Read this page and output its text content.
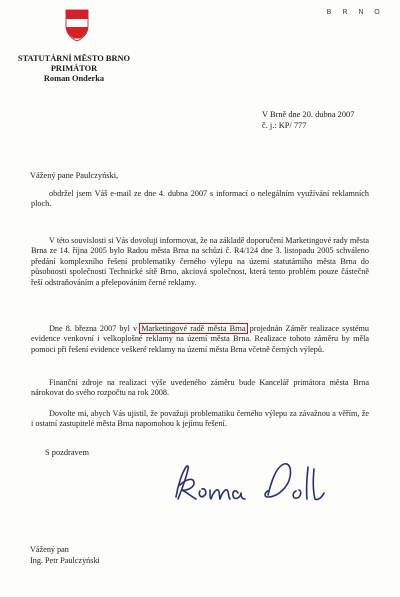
B	R	N	O
STATUTÁRNÍ MĚSTO BRNO
PRIMÁTOR
Roman Onderka
V Brně dne 20. dubna 2007
č. j.: KP/ 777
Vážený pane Paulczyński,

obdržel jsem Váš e-mail ze dne 4. dubna 2007 s informací o nelegálním využívání reklamních ploch.

V této souvislosti si Vás dovoluji informovat, že na základě doporučení Marketingové rady města Brna ze 14. října 2005 bylo Radou města Brna na schůzi č. R4/124 dne 3. listopadu 2005 schváleno předání komplexního řešení problematiky černého výlepu na území statutárního města Brna do působnosti společnosti Technické sítě Brno, akciová společnost, která tento problém pouze částečně řeší odstraňováním a přelepováním černé reklamy.

Dne 8. března 2007 byl v Marketingové radě města Brna projednán Záměr realizace systému evidence venkovní i velkoplošné reklamy na území města Brna. Realizace tohoto záměru by měla pomoci při řešení evidence veškeré reklamy na území města Brna včetně černých výlepů.

Finanční zdroje na realizaci výše uvedeného záměru bude Kancelář primátora města Brna nárokovat do svého rozpočtu na rok 2008.

Dovolte mi, abych Vás ujistil, že považuji problematiku černého výlepu za závažnou a věřím, že i ostatní zastupitelé města Brna napomohou k jejímu řešení.

S pozdravem
Vážený pan
Ing. Petr Paulczyński
